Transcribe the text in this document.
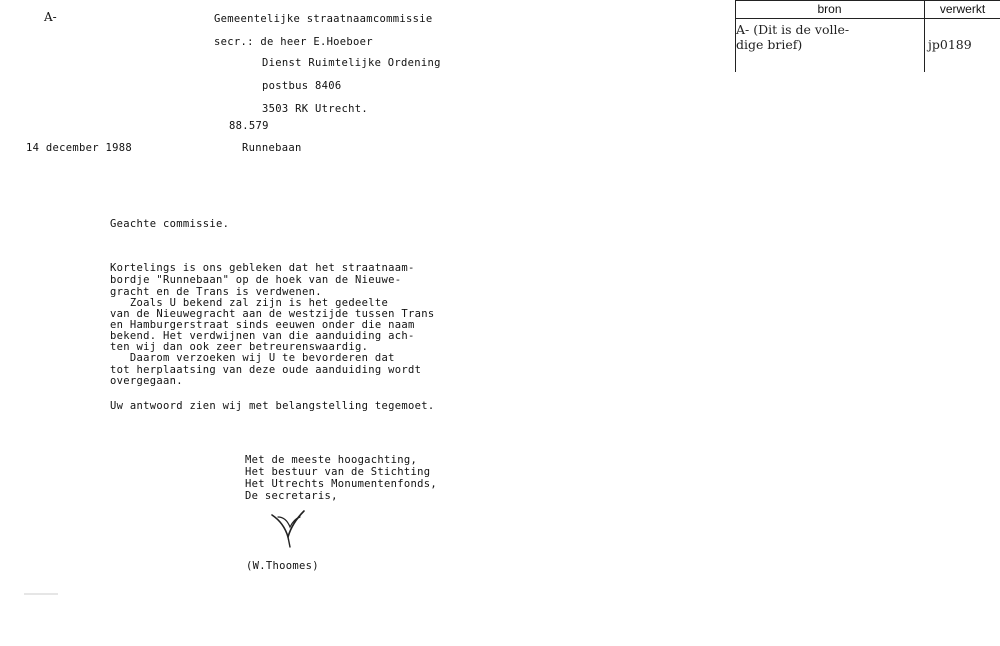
A-	Gemeentelijke straatnaamcommissie
secr.: de heer E.Hoeboer
Dienst Ruimtelijke Ordening
postbus 8406
3503 RK Utrecht.
88.579
14 december 1988	Runnebaan
Geachte commissie.
Kortelings is ons gebleken dat het straatnaam-
bordje "Runnebaan" op de hoek van de Nieuwe-
gracht en de Trans is verdwenen.
Zoals U bekend zal zijn is het gedeelte
van de Nieuwegracht aan de westzijde tussen Trans
en Hamburgerstraat sinds eeuwen onder die naam
bekend. Het verdwijnen van die aanduiding ach-
ten wij dan ook zeer betreurenswaardig.
Daarom verzoeken wij U te bevorderen dat
tot herplaatsing van deze oude aanduiding wordt
overgegaan.
Uw antwoord zien wij met belangstelling tegemoet.
Met de meeste hoogachting,
Het bestuur van de Stichting
Het Utrechts Monumentenfonds,
De secretaris,
(W.Thoomes)
bron	verwerkt
A- (Dit is de volle-
dige brief)	jp0189
